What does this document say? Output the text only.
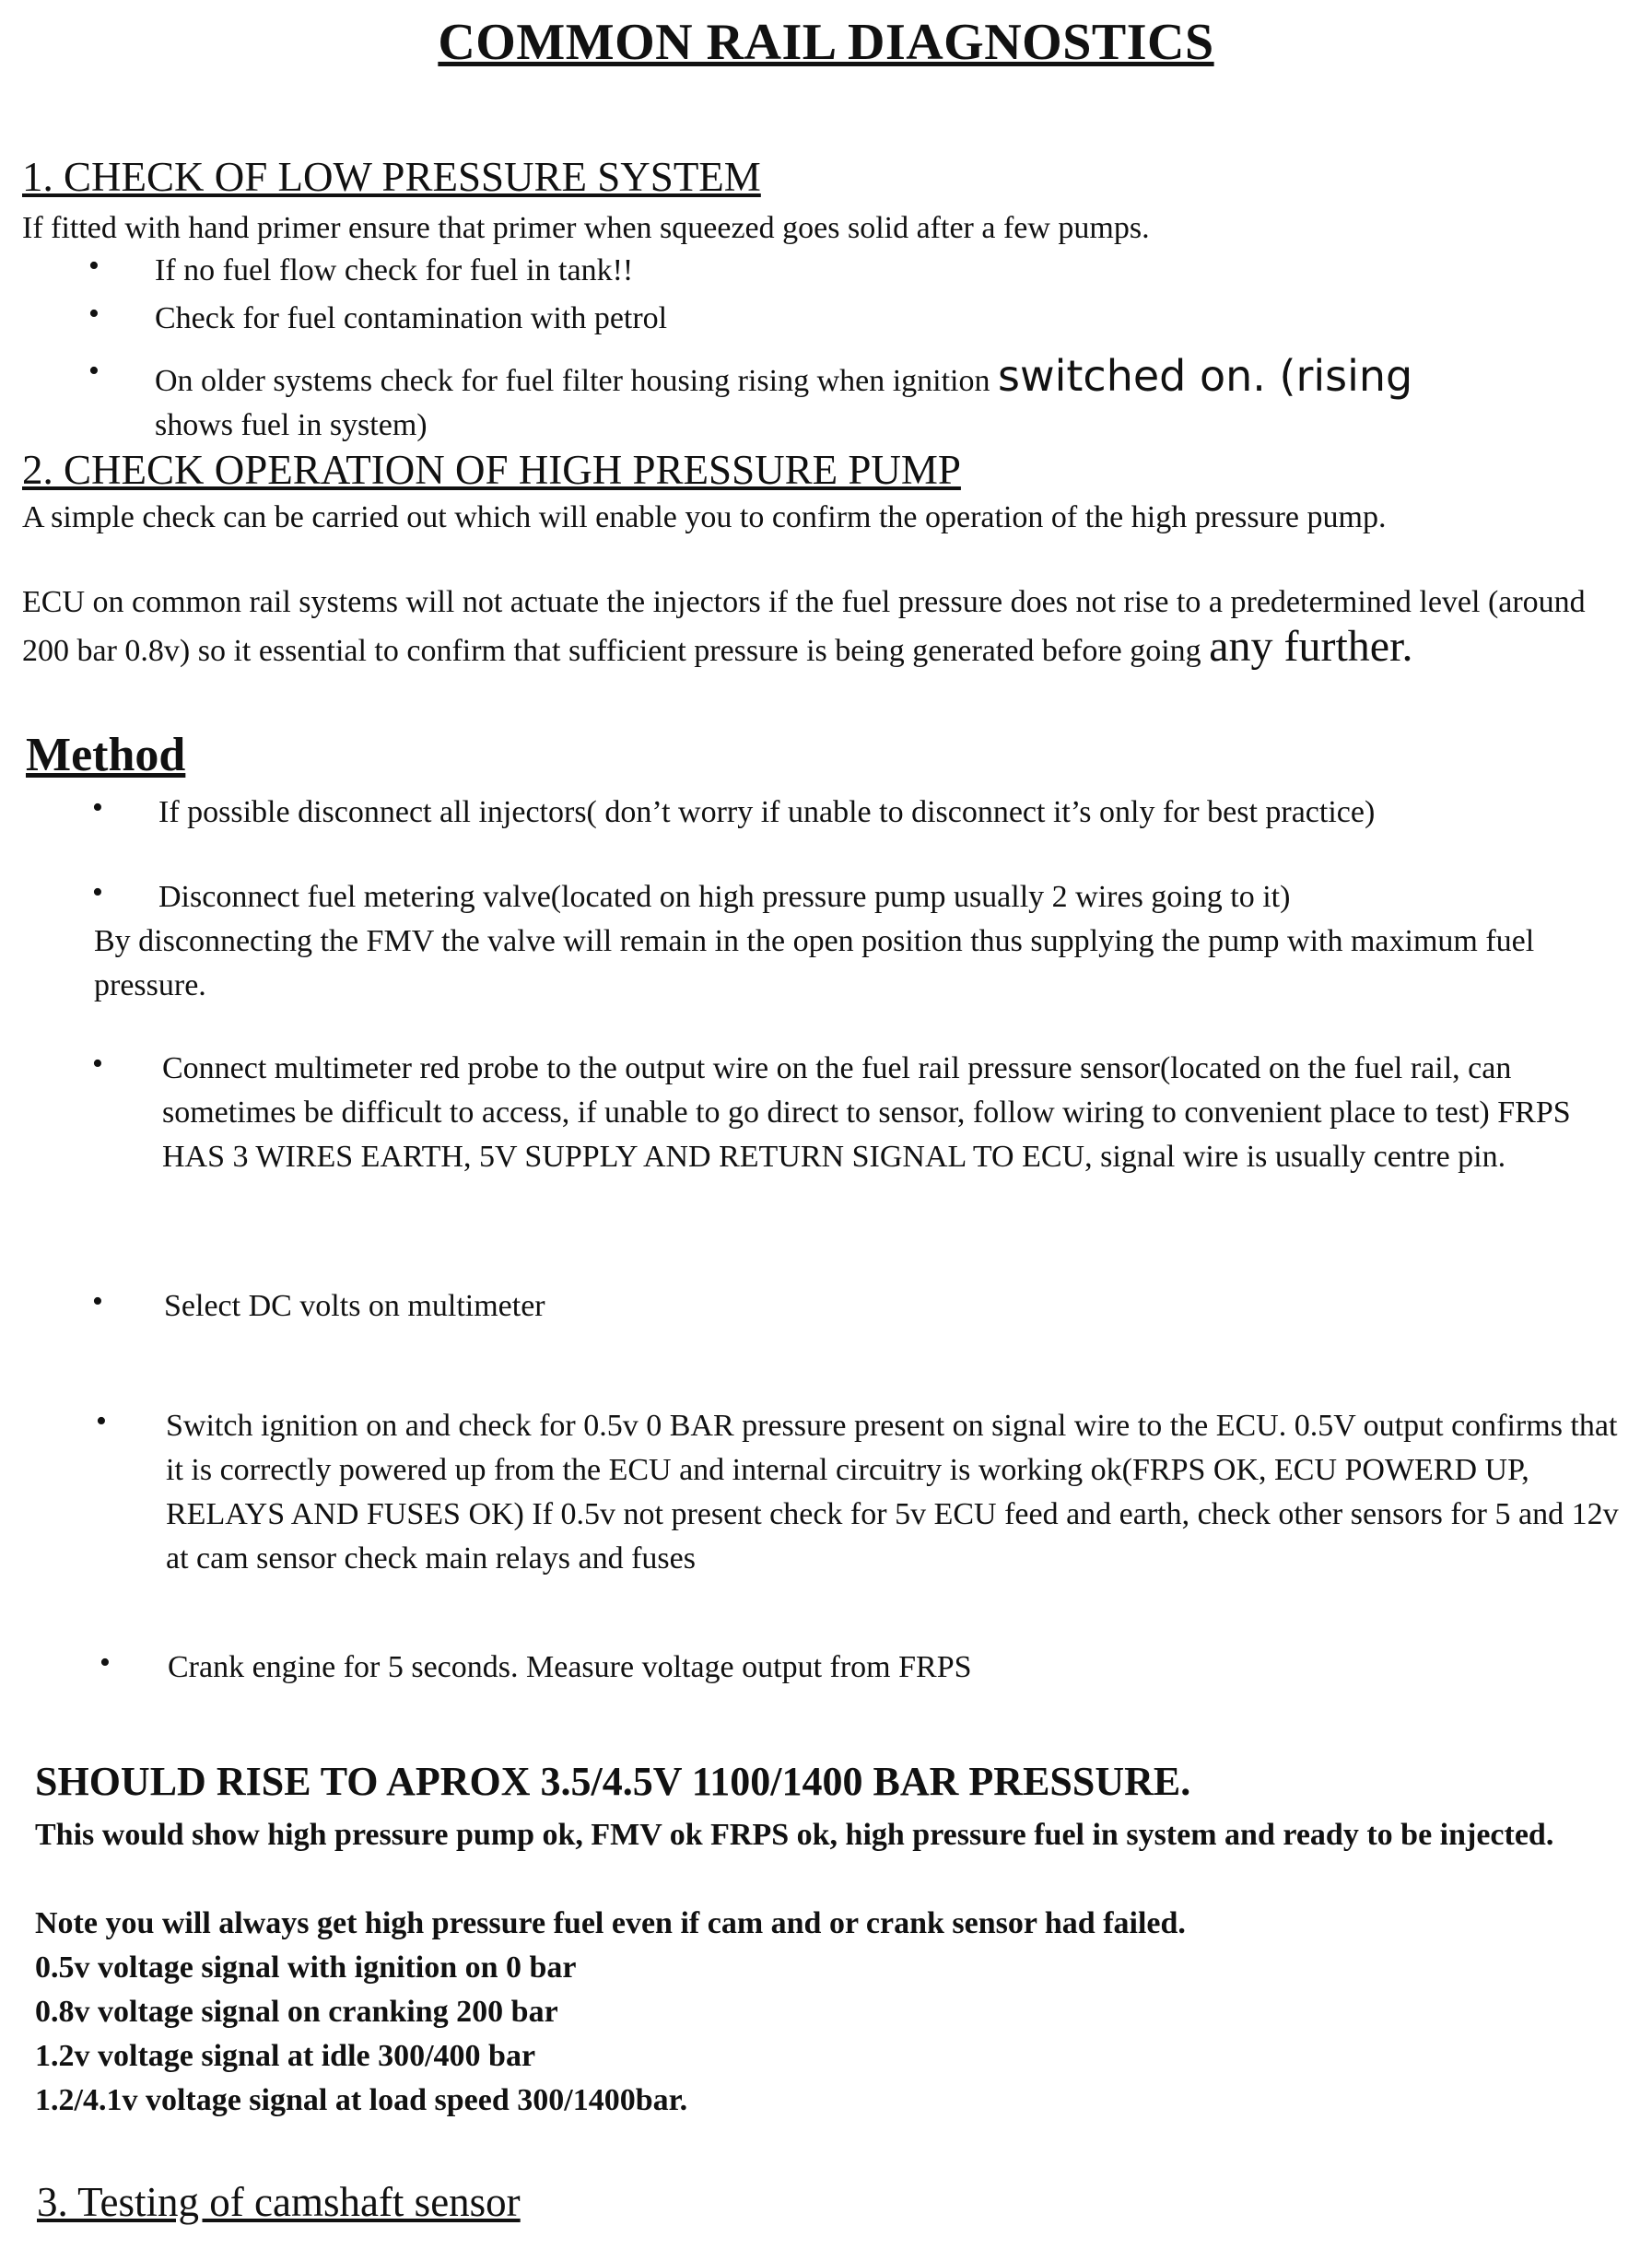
COMMON RAIL DIAGNOSTICS
1. CHECK OF LOW PRESSURE SYSTEM
If fitted with hand primer ensure that primer when squeezed goes solid after a few pumps.
• If no fuel flow check for fuel in tank!!
• Check for fuel contamination with petrol
• On older systems check for fuel filter housing rising when ignition switched on. (rising
shows fuel in system)
2. CHECK OPERATION OF HIGH PRESSURE PUMP
A simple check can be carried out which will enable you to confirm the operation of the high pressure pump.
ECU on common rail systems will not actuate the injectors if the fuel pressure does not rise to a predetermined level (around 200 bar 0.8v) so it essential to confirm that sufficient pressure is being generated before going any further.
Method
• If possible disconnect all injectors( don’t worry if unable to disconnect it’s only for best practice)
• Disconnect fuel metering valve(located on high pressure pump usually 2 wires going to it)
By disconnecting the FMV the valve will remain in the open position thus supplying the pump with maximum fuel pressure.
• Connect multimeter red probe to the output wire on the fuel rail pressure sensor(located on the fuel rail, can sometimes be difficult to access, if unable to go direct to sensor, follow wiring to convenient place to test) FRPS HAS 3 WIRES EARTH, 5V SUPPLY AND RETURN SIGNAL TO ECU, signal wire is usually centre pin.
• Select DC volts on multimeter
• Switch ignition on and check for 0.5v 0 BAR pressure present on signal wire to the ECU. 0.5V output confirms that it is correctly powered up from the ECU and internal circuitry is working ok(FRPS OK, ECU POWERD UP, RELAYS AND FUSES OK) If 0.5v not present check for 5v ECU feed and earth, check other sensors for 5 and 12v at cam sensor check main relays and fuses
• Crank engine for 5 seconds. Measure voltage output from FRPS
SHOULD RISE TO APROX 3.5/4.5V 1100/1400 BAR PRESSURE.
This would show high pressure pump ok, FMV ok FRPS ok, high pressure fuel in system and ready to be injected.
Note you will always get high pressure fuel even if cam and or crank sensor had failed.
0.5v voltage signal with ignition on 0 bar
0.8v voltage signal on cranking 200 bar
1.2v voltage signal at idle 300/400 bar
1.2/4.1v voltage signal at load speed 300/1400bar.
3. Testing of camshaft sensor
